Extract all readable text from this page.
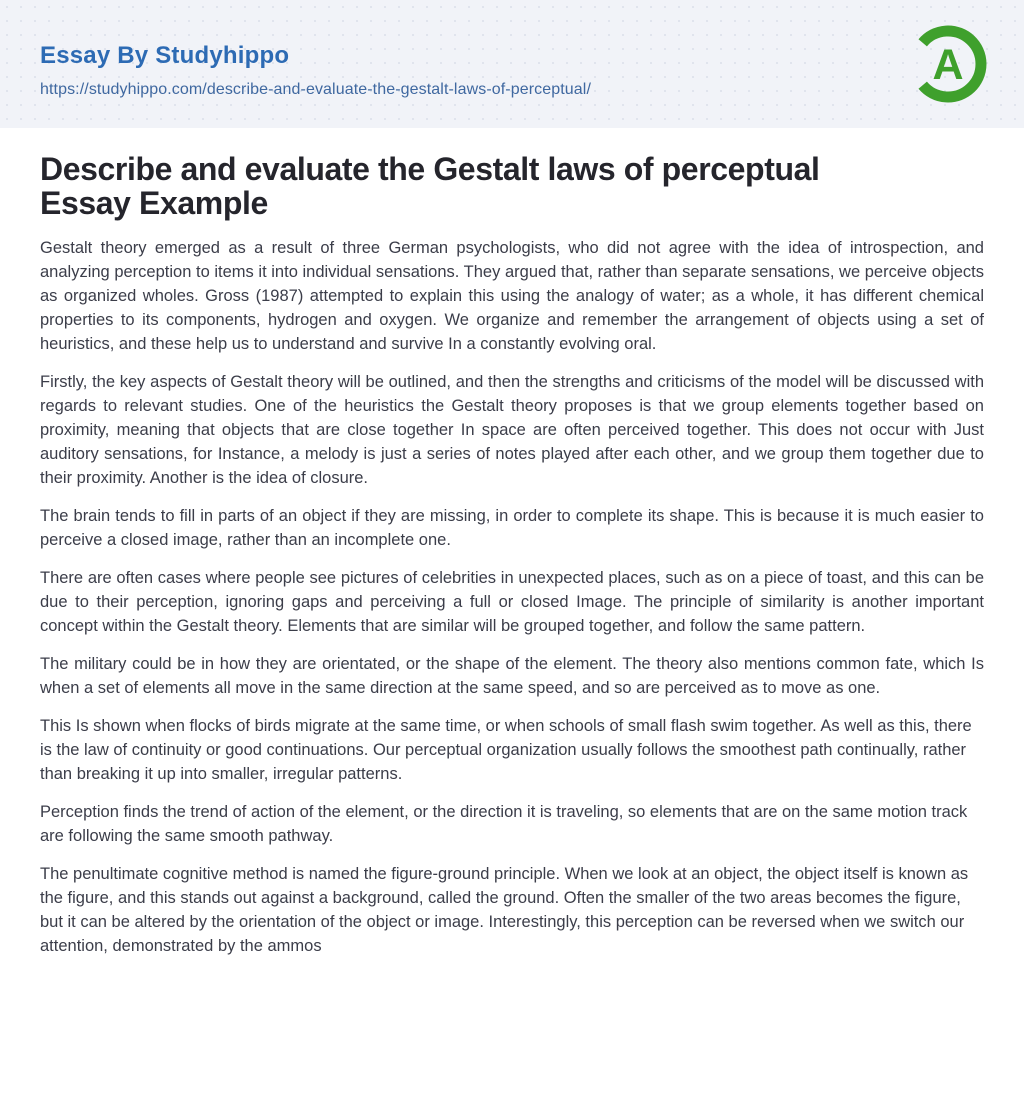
Essay By Studyhippo
https://studyhippo.com/describe-and-evaluate-the-gestalt-laws-of-perceptual/
A
Describe and evaluate the Gestalt laws of perceptual Essay Example

Gestalt theory emerged as a result of three German psychologists, who did not agree with the idea of introspection, and analyzing perception to items it into individual sensations. They argued that, rather than separate sensations, we perceive objects as organized wholes. Gross (1987) attempted to explain this using the analogy of water; as a whole, it has different chemical properties to its components, hydrogen and oxygen. We organize and remember the arrangement of objects using a set of heuristics, and these help us to understand and survive In a constantly evolving oral.

Firstly, the key aspects of Gestalt theory will be outlined, and then the strengths and criticisms of the model will be discussed with regards to relevant studies. One of the heuristics the Gestalt theory proposes is that we group elements together based on proximity, meaning that objects that are close together In space are often perceived together. This does not occur with Just auditory sensations, for Instance, a melody is just a series of notes played after each other, and we group them together due to their proximity. Another is the idea of closure.

The brain tends to fill in parts of an object if they are missing, in order to complete its shape. This is because it is much easier to perceive a closed image, rather than an incomplete one.

There are often cases where people see pictures of celebrities in unexpected places, such as on a piece of toast, and this can be due to their perception, ignoring gaps and perceiving a full or closed Image. The principle of similarity is another important concept within the Gestalt theory. Elements that are similar will be grouped together, and follow the same pattern.

The military could be in how they are orientated, or the shape of the element. The theory also mentions common fate, which Is when a set of elements all move in the same direction at the same speed, and so are perceived as to move as one.

This Is shown when flocks of birds migrate at the same time, or when schools of small flash swim together. As well as this, there is the law of continuity or good continuations. Our perceptual organization usually follows the smoothest path continually, rather than breaking it up into smaller, irregular patterns.

Perception finds the trend of action of the element, or the direction it is traveling, so elements that are on the same motion track are following the same smooth pathway.

The penultimate cognitive method is named the figure-ground principle. When we look at an object, the object itself is known as the figure, and this stands out against a background, called the ground. Often the smaller of the two areas becomes the figure, but it can be altered by the orientation of the object or image. Interestingly, this perception can be reversed when we switch our attention, demonstrated by the ammos
